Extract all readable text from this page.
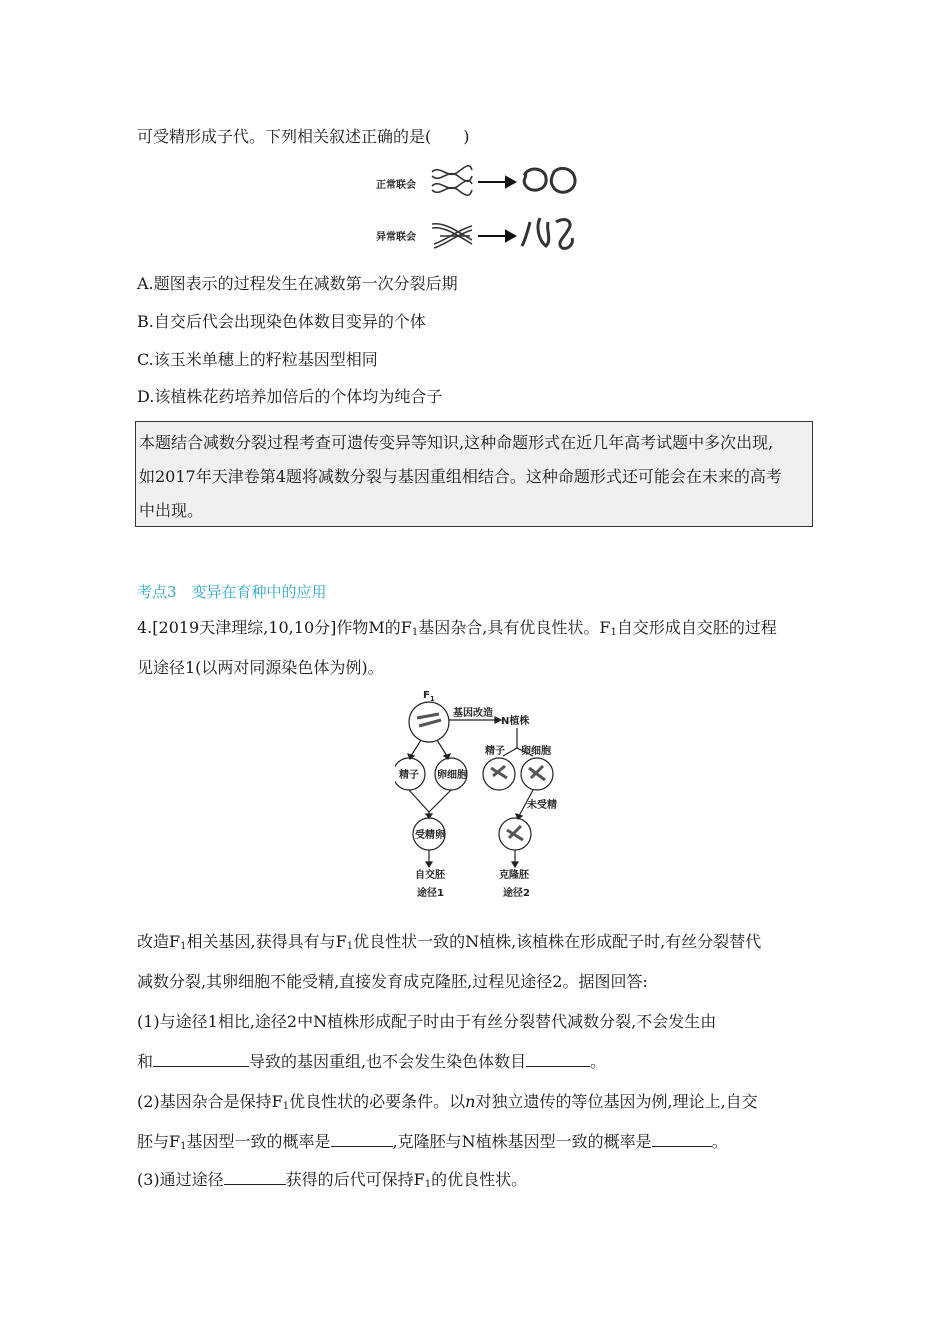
可受精形成子代。下列相关叙述正确的是(　　)
正常联会
异常联会
A.题图表示的过程发生在减数第一次分裂后期
B.自交后代会出现染色体数目变异的个体
C.该玉米单穗上的籽粒基因型相同
D.该植株花药培养加倍后的个体均为纯合子
本题结合减数分裂过程考查可遗传变异等知识,这种命题形式在近几年高考试题中多次出现,
如2017年天津卷第4题将减数分裂与基因重组相结合。这种命题形式还可能会在未来的高考
中出现。
考点3　变异在育种中的应用
4.[2019天津理综,10,10分]作物M的$F_1$基因杂合,具有优良性状。$F_1$自交形成自交胚的过程
见途径1(以两对同源染色体为例)。
$F_1$
基因改造
N植株
精子 卵细胞
精子 卵细胞
受精卵
未受精
自交胚	克隆胚
途径1	途径2
改造$F_1$相关基因,获得具有与$F_1$优良性状一致的N植株,该植株在形成配子时,有丝分裂替代
减数分裂,其卵细胞不能受精,直接发育成克隆胚,过程见途径2。据图回答:
(1)与途径1相比,途径2中N植株形成配子时由于有丝分裂替代减数分裂,不会发生由
和	导致的基因重组,也不会发生染色体数目	。
(2)基因杂合是保持$F_1$优良性状的必要条件。以n对独立遗传的等位基因为例,理论上,自交
胚与$F_1$基因型一致的概率是	,克隆胚与N植株基因型一致的概率是	。
(3)通过途径	获得的后代可保持$F_1$的优良性状。
